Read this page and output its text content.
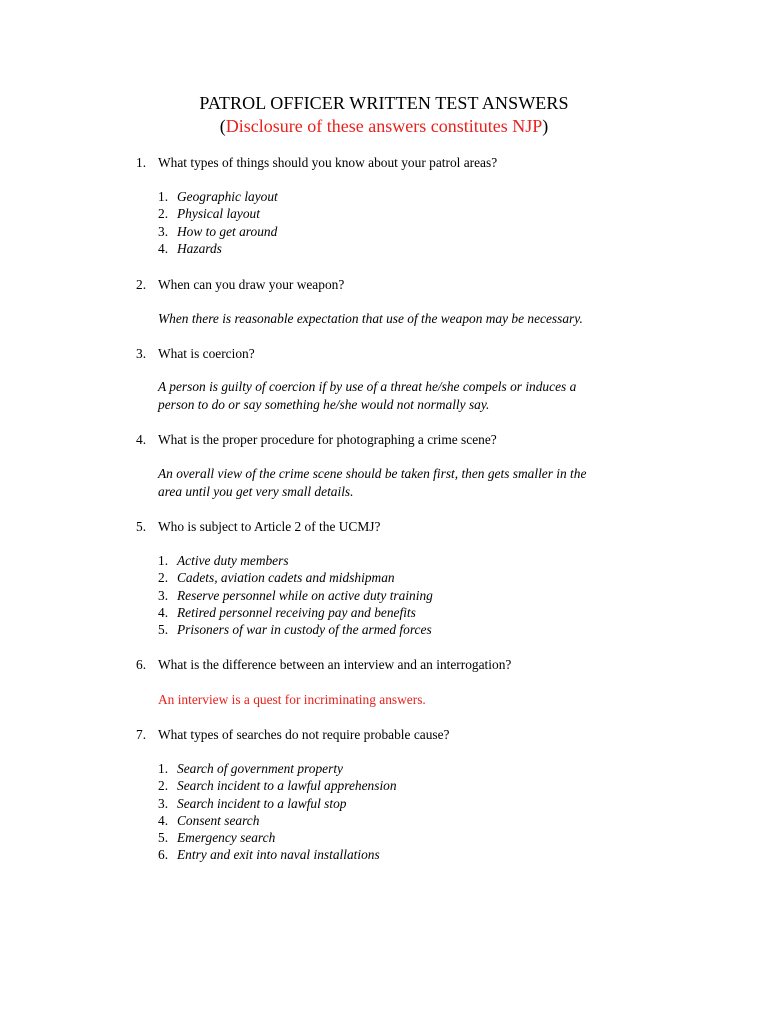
PATROL OFFICER WRITTEN TEST ANSWERS
(Disclosure of these answers constitutes NJP)
1. What types of things should you know about your patrol areas?
1. Geographic layout
2. Physical layout
3. How to get around
4. Hazards
2. When can you draw your weapon?
When there is reasonable expectation that use of the weapon may be necessary.
3. What is coercion?
A person is guilty of coercion if by use of a threat he/she compels or induces a
person to do or say something he/she would not normally say.
4. What is the proper procedure for photographing a crime scene?
An overall view of the crime scene should be taken first, then gets smaller in the
area until you get very small details.
5. Who is subject to Article 2 of the UCMJ?
1. Active duty members
2. Cadets, aviation cadets and midshipman
3. Reserve personnel while on active duty training
4. Retired personnel receiving pay and benefits
5. Prisoners of war in custody of the armed forces
6. What is the difference between an interview and an interrogation?
An interview is a quest for incriminating answers.
7. What types of searches do not require probable cause?
1. Search of government property
2. Search incident to a lawful apprehension
3. Search incident to a lawful stop
4. Consent search
5. Emergency search
6. Entry and exit into naval installations
